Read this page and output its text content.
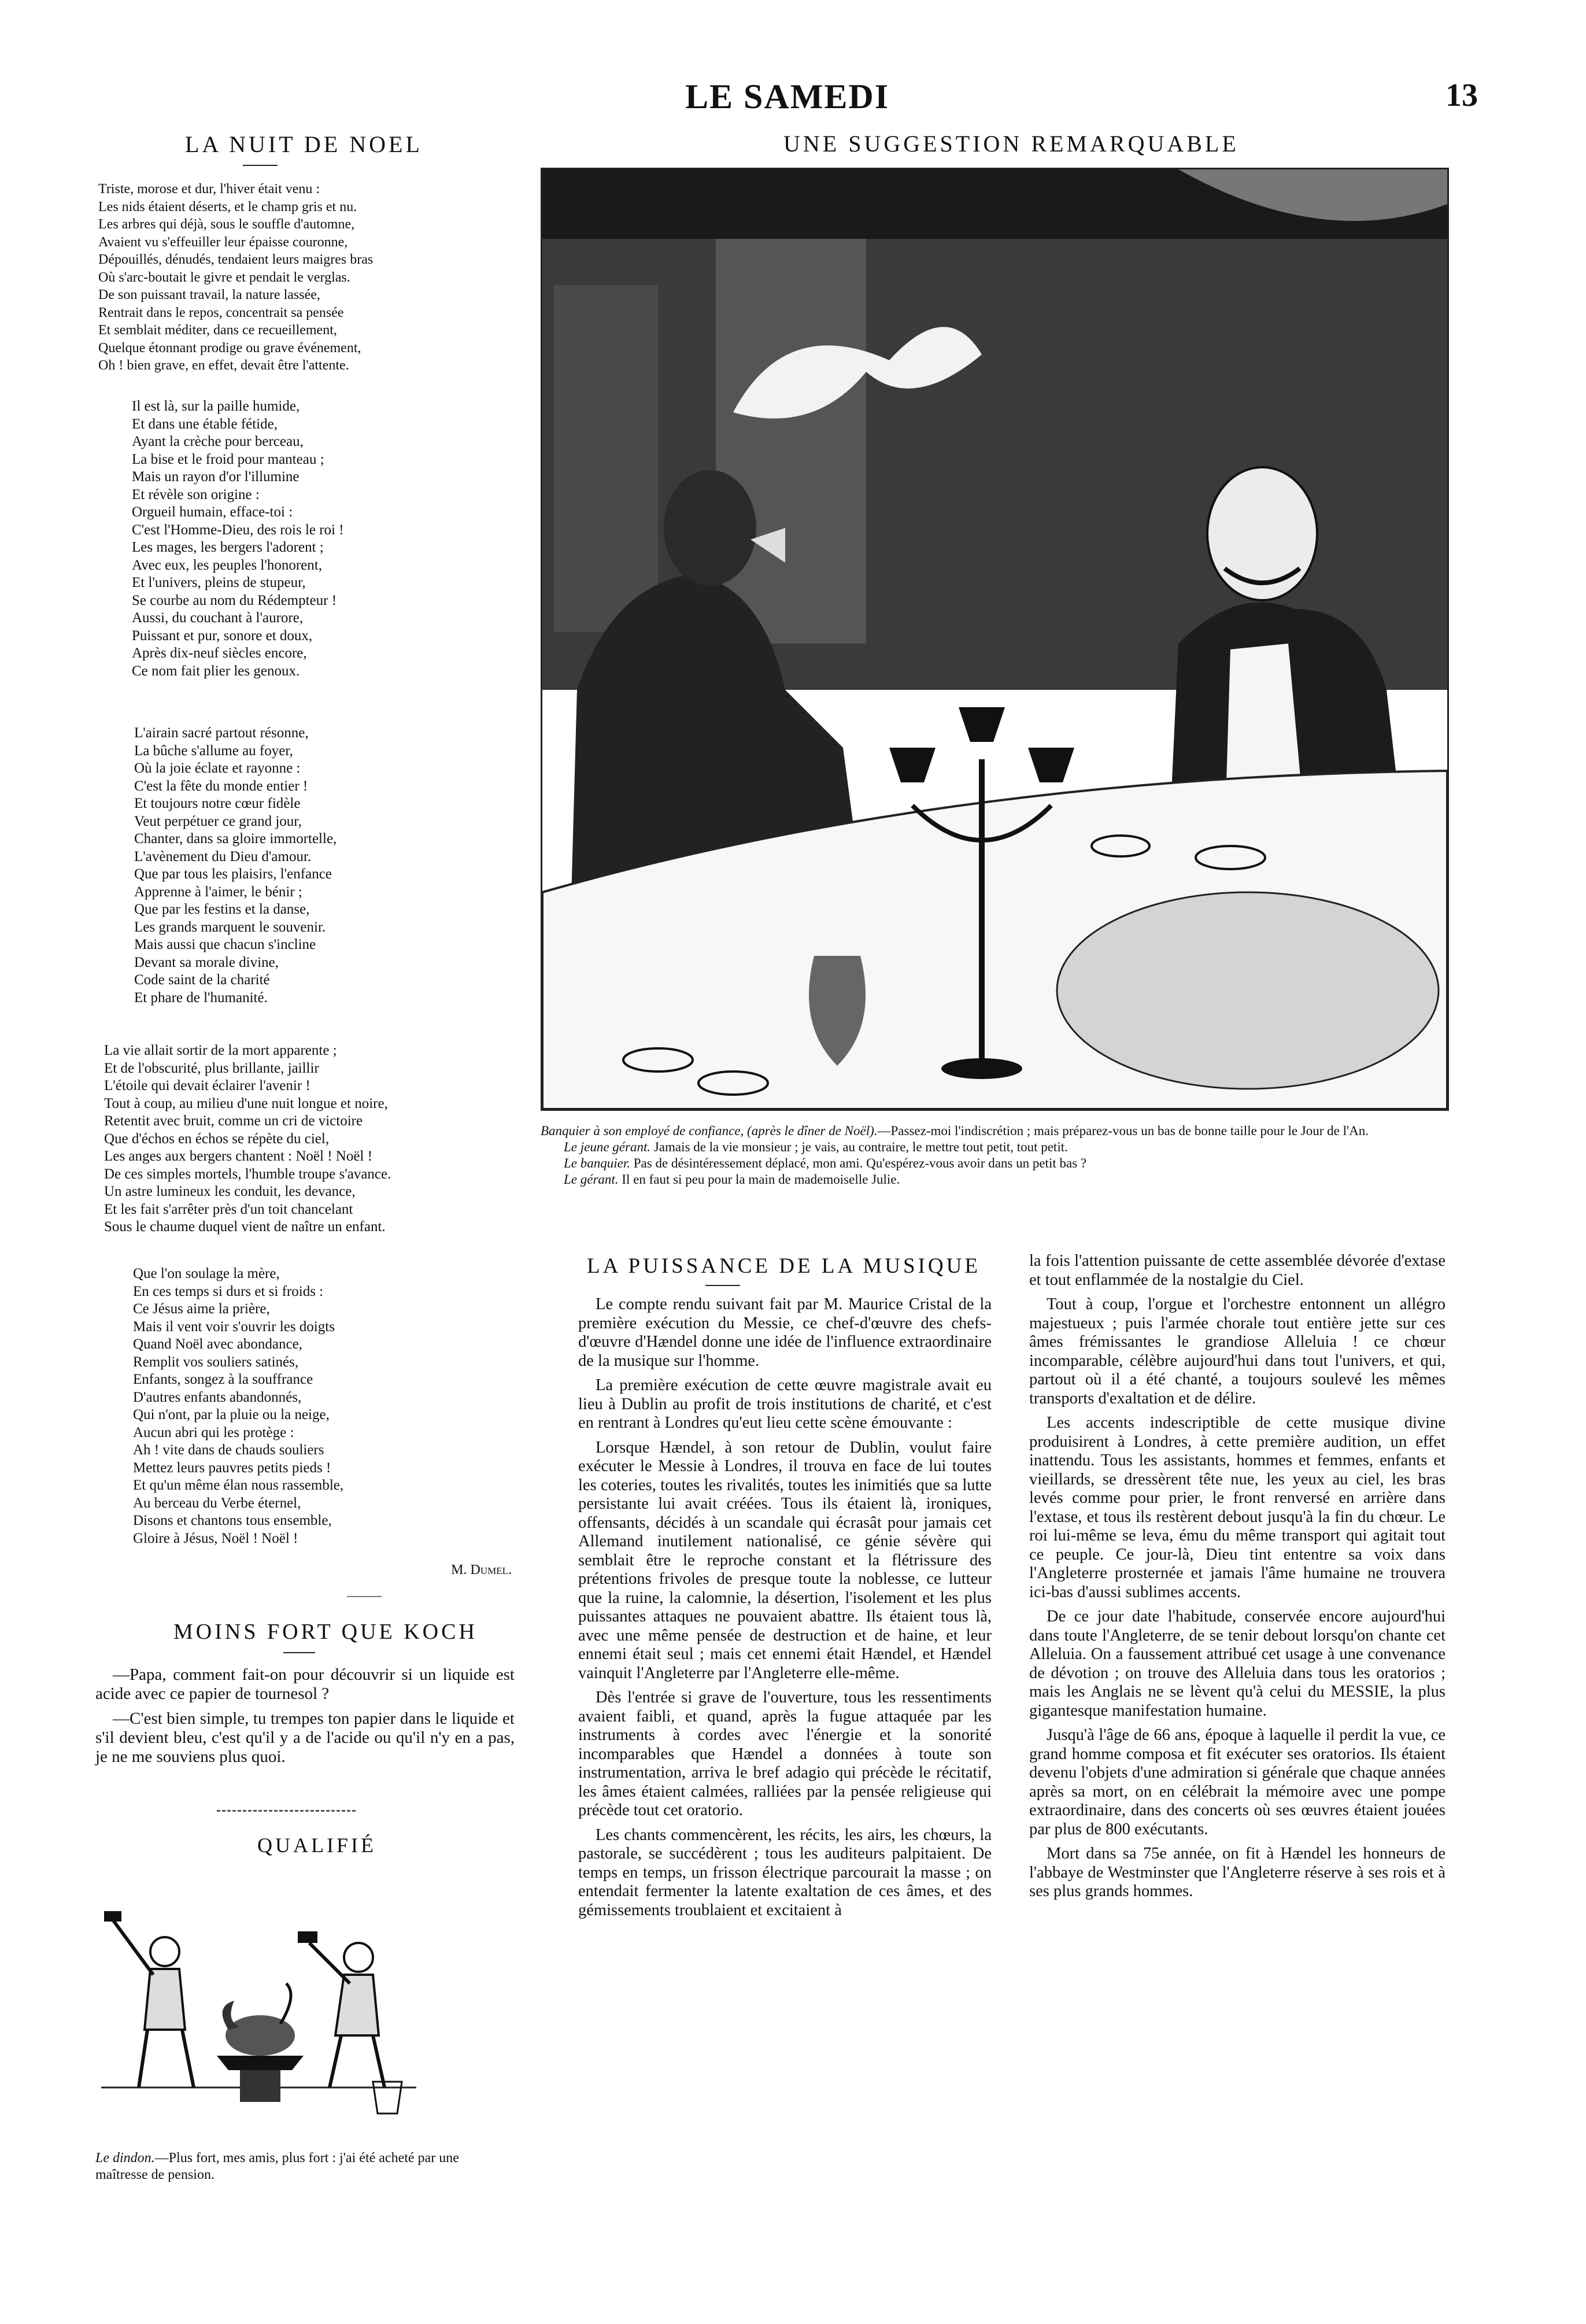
LE SAMEDI	13
LA NUIT DE NOEL
Triste, morose et dur, l'hiver était venu :
Les nids étaient déserts, et le champ gris et nu.
Les arbres qui déjà, sous le souffle d'automne,
Avaient vu s'effeuiller leur épaisse couronne,
Dépouillés, dénudés, tendaient leurs maigres bras
Où s'arc-boutait le givre et pendait le verglas.
De son puissant travail, la nature lassée,
Rentrait dans le repos, concentrait sa pensée
Et semblait méditer, dans ce recueillement,
Quelque étonnant prodige ou grave événement,
Oh ! bien grave, en effet, devait être l'attente.
Il est là, sur la paille humide,
Et dans une étable fétide,
Ayant la crèche pour berceau,
La bise et le froid pour manteau ;
Mais un rayon d'or l'illumine
Et révèle son origine :
Orgueil humain, efface-toi :
C'est l'Homme-Dieu, des rois le roi !
Les mages, les bergers l'adorent ;
Avec eux, les peuples l'honorent,
Et l'univers, pleins de stupeur,
Se courbe au nom du Rédempteur !
Aussi, du couchant à l'aurore,
Puissant et pur, sonore et doux,
Après dix-neuf siècles encore,
Ce nom fait plier les genoux.
L'airain sacré partout résonne,
La bûche s'allume au foyer,
Où la joie éclate et rayonne :
C'est la fête du monde entier !
Et toujours notre cœur fidèle
Veut perpétuer ce grand jour,
Chanter, dans sa gloire immortelle,
L'avènement du Dieu d'amour.
Que par tous les plaisirs, l'enfance
Apprenne à l'aimer, le bénir ;
Que par les festins et la danse,
Les grands marquent le souvenir.
Mais aussi que chacun s'incline
Devant sa morale divine,
Code saint de la charité
Et phare de l'humanité.
La vie allait sortir de la mort apparente ;
Et de l'obscurité, plus brillante, jaillir
L'étoile qui devait éclairer l'avenir !
Tout à coup, au milieu d'une nuit longue et noire,
Retentit avec bruit, comme un cri de victoire
Que d'échos en échos se répète du ciel,
Les anges aux bergers chantent : Noël ! Noël !
De ces simples mortels, l'humble troupe s'avance.
Un astre lumineux les conduit, les devance,
Et les fait s'arrêter près d'un toit chancelant
Sous le chaume duquel vient de naître un enfant.
Que l'on soulage la mère,
En ces temps si durs et si froids :
Ce Jésus aime la prière,
Mais il vent voir s'ouvrir les doigts
Quand Noël avec abondance,
Remplit vos souliers satinés,
Enfants, songez à la souffrance
D'autres enfants abandonnés,
Qui n'ont, par la pluie ou la neige,
Aucun abri qui les protège :
Ah ! vite dans de chauds souliers
Mettez leurs pauvres petits pieds !
Et qu'un même élan nous rassemble,
Au berceau du Verbe éternel,
Disons et chantons tous ensemble,
Gloire à Jésus, Noël ! Noël !
M. Dumel.
MOINS FORT QUE KOCH

—Papa, comment fait-on pour découvrir si un liquide est acide avec ce papier de tournesol ?

—C'est bien simple, tu trempes ton papier dans le liquide et s'il devient bleu, c'est qu'il y a de l'acide ou qu'il n'y en a pas, je ne me souviens plus quoi.

QUALIFIÉ
Le dindon.—Plus fort, mes amis, plus fort : j'ai été acheté par une maîtresse de pension.
UNE SUGGESTION REMARQUABLE

Banquier à son employé de confiance, (après le dîner de Noël).—Passez-moi l'indiscrétion ; mais préparez-vous un bas de bonne taille pour le Jour de l'An.

Le jeune gérant. Jamais de la vie monsieur ; je vais, au contraire, le mettre tout petit, tout petit.

Le banquier. Pas de désintéressement déplacé, mon ami. Qu'espérez-vous avoir dans un petit bas ?

Le gérant. Il en faut si peu pour la main de mademoiselle Julie.

LA PUISSANCE DE LA MUSIQUE

Le compte rendu suivant fait par M. Maurice Cristal de la première exécution du Messie, ce chef-d'œuvre des chefs-d'œuvre d'Hændel donne une idée de l'influence extraordinaire de la musique sur l'homme.

La première exécution de cette œuvre magistrale avait eu lieu à Dublin au profit de trois institutions de charité, et c'est en rentrant à Londres qu'eut lieu cette scène émouvante :

Lorsque Hændel, à son retour de Dublin, voulut faire exécuter le Messie à Londres, il trouva en face de lui toutes les coteries, toutes les rivalités, toutes les inimitiés que sa lutte persistante lui avait créées. Tous ils étaient là, ironiques, offensants, décidés à un scandale qui écrasât pour jamais cet Allemand inutilement nationalisé, ce génie sévère qui semblait être le reproche constant et la flétrissure des prétentions frivoles de presque toute la noblesse, ce lutteur que la ruine, la calomnie, la désertion, l'isolement et les plus puissantes attaques ne pouvaient abattre. Ils étaient tous là, avec une même pensée de destruction et de haine, et leur ennemi était seul ; mais cet ennemi était Hændel, et Hændel vainquit l'Angleterre par l'Angleterre elle-même.

Dès l'entrée si grave de l'ouverture, tous les ressentiments avaient faibli, et quand, après la fugue attaquée par les instruments à cordes avec l'énergie et la sonorité incomparables que Hændel a données à toute son instrumentation, arriva le bref adagio qui précède le récitatif, les âmes étaient calmées, ralliées par la pensée religieuse qui précède tout cet oratorio.

Les chants commencèrent, les récits, les airs, les chœurs, la pastorale, se succédèrent ; tous les auditeurs palpitaient. De temps en temps, un frisson électrique parcourait la masse ; on entendait fermenter la latente exaltation de ces âmes, et des gémissements troublaient et excitaient à

la fois l'attention puissante de cette assemblée dévorée d'extase et tout enflammée de la nostalgie du Ciel.

Tout à coup, l'orgue et l'orchestre entonnent un allégro majestueux ; puis l'armée chorale tout entière jette sur ces âmes frémissantes le grandiose Alleluia ! ce chœur incomparable, célèbre aujourd'hui dans tout l'univers, et qui, partout où il a été chanté, a toujours soulevé les mêmes transports d'exaltation et de délire.

Les accents indescriptible de cette musique divine produisirent à Londres, à cette première audition, un effet inattendu. Tous les assistants, hommes et femmes, enfants et vieillards, se dressèrent tête nue, les yeux au ciel, les bras levés comme pour prier, le front renversé en arrière dans l'extase, et tous ils restèrent debout jusqu'à la fin du chœur. Le roi lui-même se leva, ému du même transport qui agitait tout ce peuple. Ce jour-là, Dieu tint ententre sa voix dans l'Angleterre prosternée et jamais l'âme humaine ne trouvera ici-bas d'aussi sublimes accents.

De ce jour date l'habitude, conservée encore aujourd'hui dans toute l'Angleterre, de se tenir debout lorsqu'on chante cet Alleluia. On a faussement attribué cet usage à une convenance de dévotion ; on trouve des Alleluia dans tous les oratorios ; mais les Anglais ne se lèvent qu'à celui du MESSIE, la plus gigantesque manifestation humaine.

Jusqu'à l'âge de 66 ans, époque à laquelle il perdit la vue, ce grand homme composa et fit exécuter ses oratorios. Ils étaient devenu l'objets d'une admiration si générale que chaque années après sa mort, on en célébrait la mémoire avec une pompe extraordinaire, dans des concerts où ses œuvres étaient jouées par plus de 800 exécutants.

Mort dans sa 75e année, on fit à Hændel les honneurs de l'abbaye de Westminster que l'Angleterre réserve à ses rois et à ses plus grands hommes.
